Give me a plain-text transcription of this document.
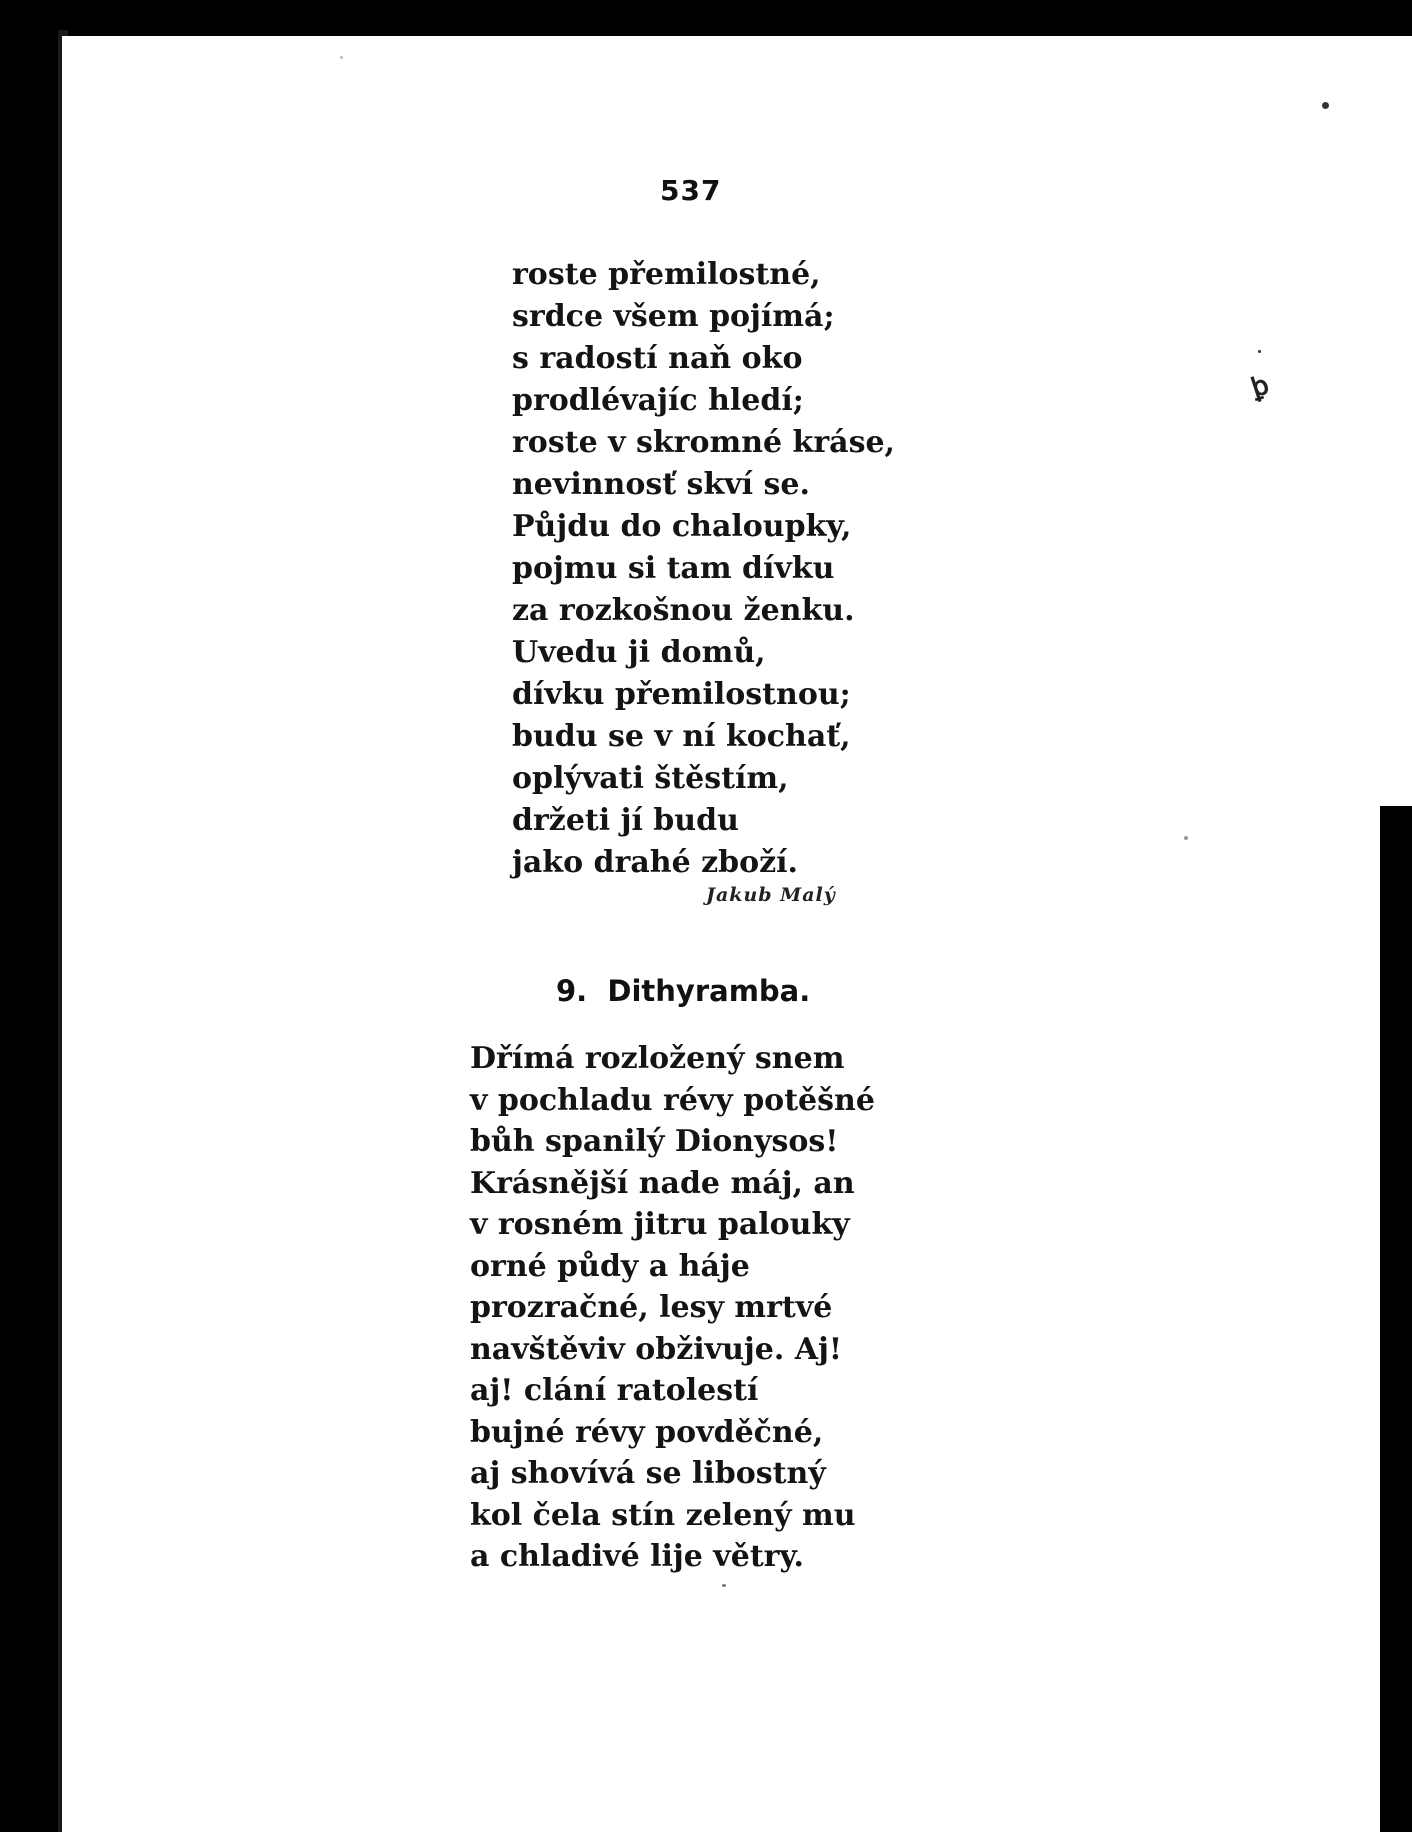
537
roste přemilostné,
srdce všem pojímá;
s radostí naň oko
prodlévajíc hledí;
roste v skromné kráse,
nevinnosť skví se.
Půjdu do chaloupky,
pojmu si tam dívku
za rozkošnou ženku.
Uvedu ji domů,
dívku přemilostnou;
budu se v ní kochať,
oplývati štěstím,
držeti jí budu
jako drahé zboží.
Jakub Malý
9. Dithyramba.
Dřímá rozložený snem
v pochladu révy potěšné
bůh spanilý Dionysos!
Krásnější nade máj, an
v rosném jitru palouky
orné půdy a háje
prozračné, lesy mrtvé
navštěviv obživuje. Aj!
aj! clání ratolestí
bujné révy povděčné,
aj shovívá se libostný
kol čela stín zelený mu
a chladivé lije větry.
ꝧ
